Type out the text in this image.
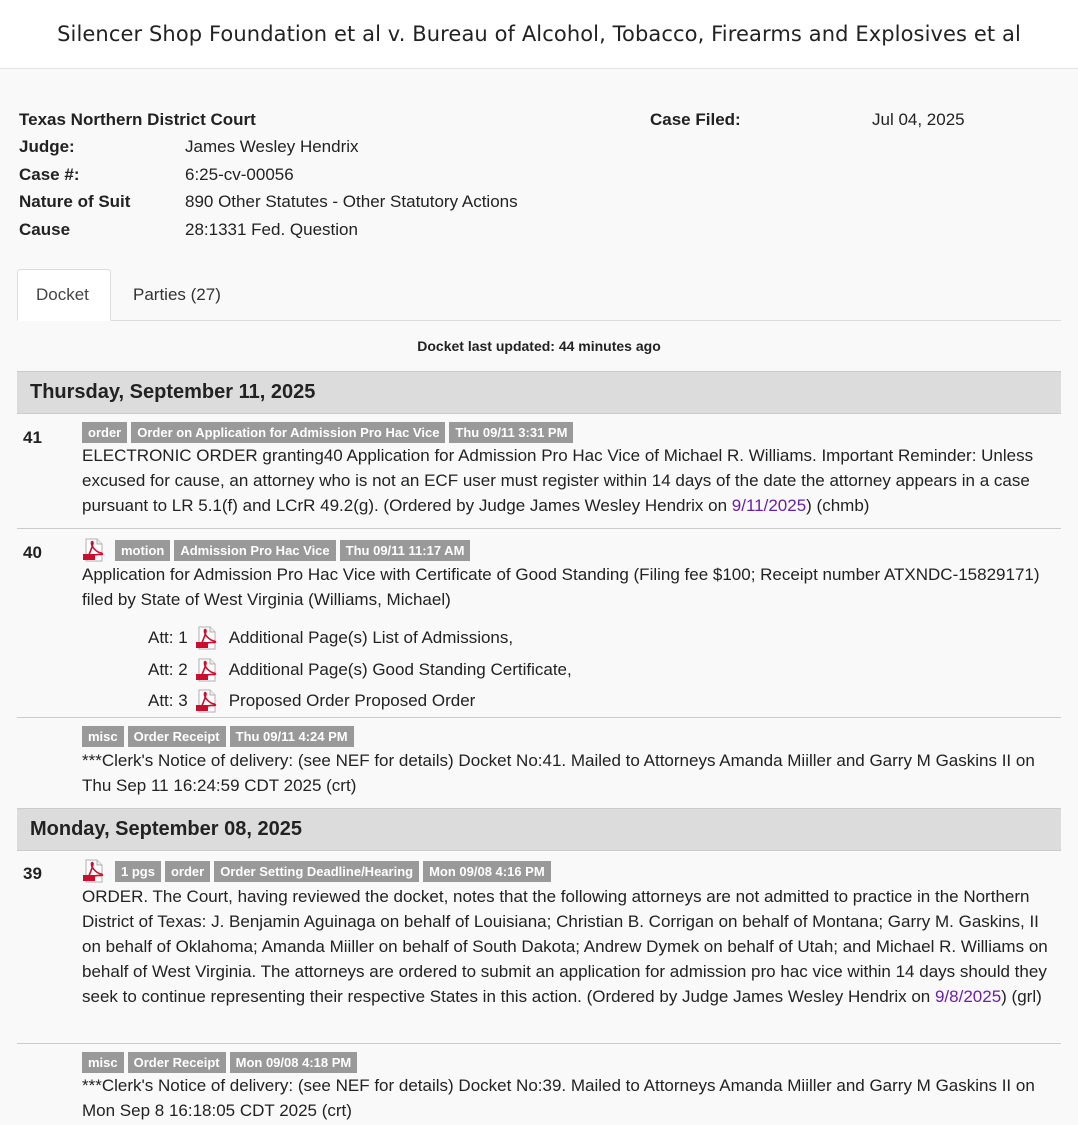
Silencer Shop Foundation et al v. Bureau of Alcohol, Tobacco, Firearms and Explosives et al
Texas Northern District Court
Judge:	James Wesley Hendrix
Case #:	6:25-cv-00056
Nature of Suit	890 Other Statutes - Other Statutory Actions
Cause	28:1331 Fed. Question
Case Filed:	Jul 04, 2025
Docket	Parties (27)
Docket last updated: 44 minutes ago
Thursday, September 11, 2025
41	order	Order on Application for Admission Pro Hac Vice	Thu 09/11 3:31 PM
ELECTRONIC ORDER granting40 Application for Admission Pro Hac Vice of Michael R. Williams. Important Reminder: Unless excused for cause, an attorney who is not an ECF user must register within 14 days of the date the attorney appears in a case pursuant to LR 5.1(f) and LCrR 49.2(g). (Ordered by Judge James Wesley Hendrix on 9/11/2025) (chmb)
40	motion	Admission Pro Hac Vice	Thu 09/11 11:17 AM
Application for Admission Pro Hac Vice with Certificate of Good Standing (Filing fee $100; Receipt number ATXNDC-15829171) filed by State of West Virginia (Williams, Michael)
Att: 1 Additional Page(s) List of Admissions,
Att: 2 Additional Page(s) Good Standing Certificate,
Att: 3 Proposed Order Proposed Order
misc	Order Receipt	Thu 09/11 4:24 PM
***Clerk's Notice of delivery: (see NEF for details) Docket No:41. Mailed to Attorneys Amanda Miiller and Garry M Gaskins II on Thu Sep 11 16:24:59 CDT 2025 (crt)
Monday, September 08, 2025
39	1 pgs	order	Order Setting Deadline/Hearing	Mon 09/08 4:16 PM
ORDER. The Court, having reviewed the docket, notes that the following attorneys are not admitted to practice in the Northern District of Texas: J. Benjamin Aguinaga on behalf of Louisiana; Christian B. Corrigan on behalf of Montana; Garry M. Gaskins, II on behalf of Oklahoma; Amanda Miiller on behalf of South Dakota; Andrew Dymek on behalf of Utah; and Michael R. Williams on behalf of West Virginia. The attorneys are ordered to submit an application for admission pro hac vice within 14 days should they seek to continue representing their respective States in this action. (Ordered by Judge James Wesley Hendrix on 9/8/2025) (grl)
misc	Order Receipt	Mon 09/08 4:18 PM
***Clerk's Notice of delivery: (see NEF for details) Docket No:39. Mailed to Attorneys Amanda Miiller and Garry M Gaskins II on Mon Sep 8 16:18:05 CDT 2025 (crt)
